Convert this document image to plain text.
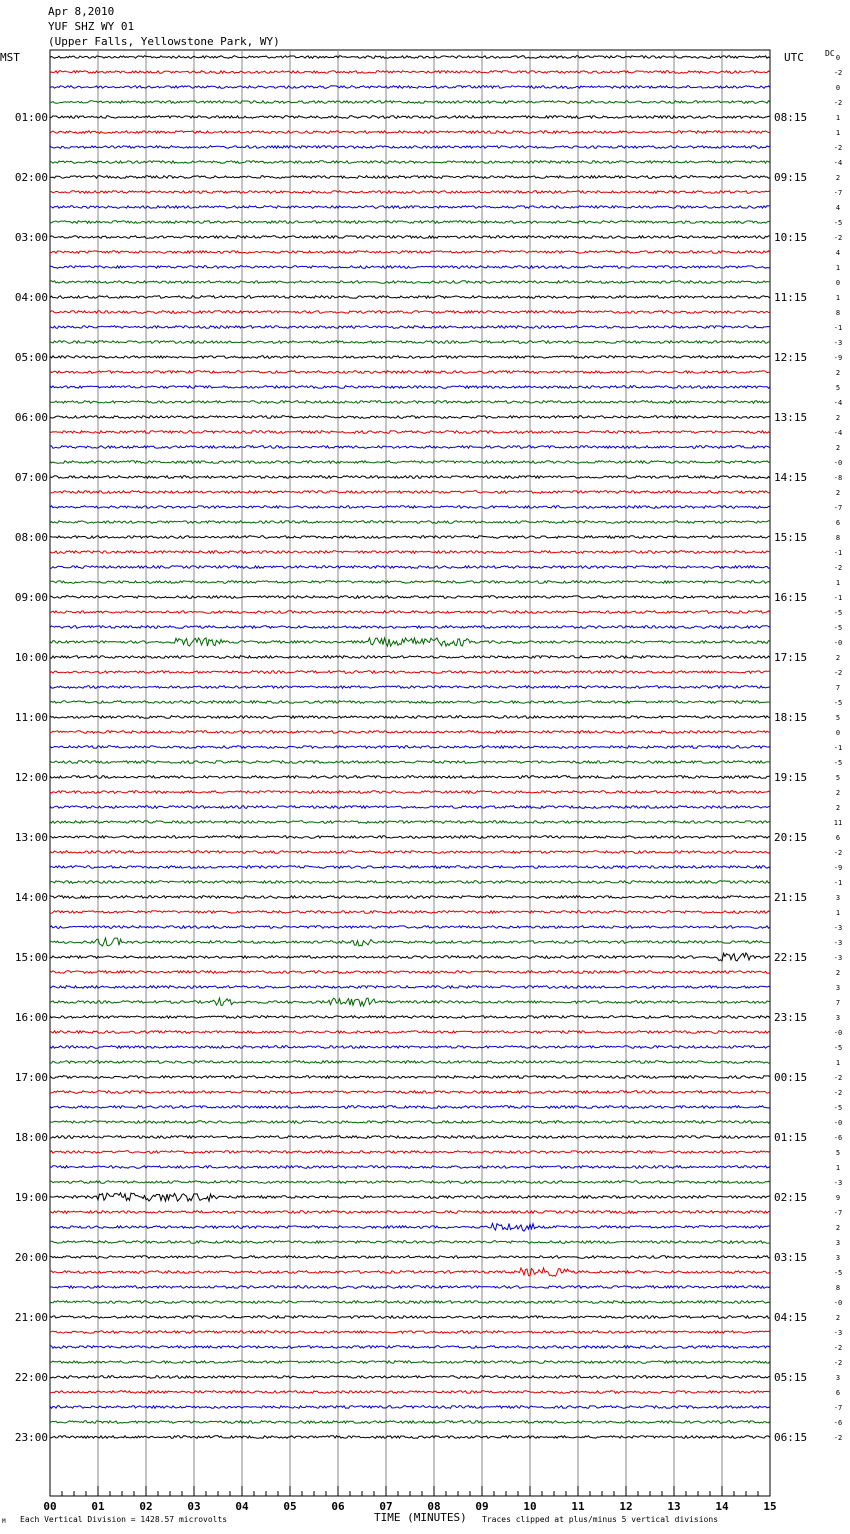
Apr 8,2010
YUF SHZ WY 01
(Upper Falls, Yellowstone Park, WY)
MST	UTC	DC 0
-2
0
-2
1
1
-2
-4
2
-7
4
-5
-2
4
1
0
1
8
-1
-3
-9
2
5
-4
2
-4
2
-0
-8
2
-7
6
8
-1
-2
1
-1
-5
-5
-0
2
-2
7
-5
5
0
-1
-5
5
2
2
11
6
-2
-9
-1
3
1
-3
-3
-3
2
3
7
3
-0
-5
1
-2
-2
-5
-0
-6
5
1
-3
9
-7
2
3
3
-5
8
-0
2
-3
-2
-2
3
6
-7
-6
-2
01:00
02:00
03:00
04:00
05:00
06:00
07:00
08:00
09:00
10:00
11:00
12:00
13:00
14:00
15:00
16:00
17:00
18:00
19:00
20:00
21:00
22:00
23:00
08:15
09:15
10:15
11:15
12:15
13:15
14:15
15:15
16:15
17:15
18:15
19:15
20:15
21:15
22:15
23:15
00:15
01:15
02:15
03:15
04:15
05:15
06:15
00	01	02	03	04	05	06	07	08	09	10	11	12	13	14	15
TIME (MINUTES)
Each Vertical Division = 1428.57 microvolts	Traces clipped at plus/minus 5 vertical divisions
M
